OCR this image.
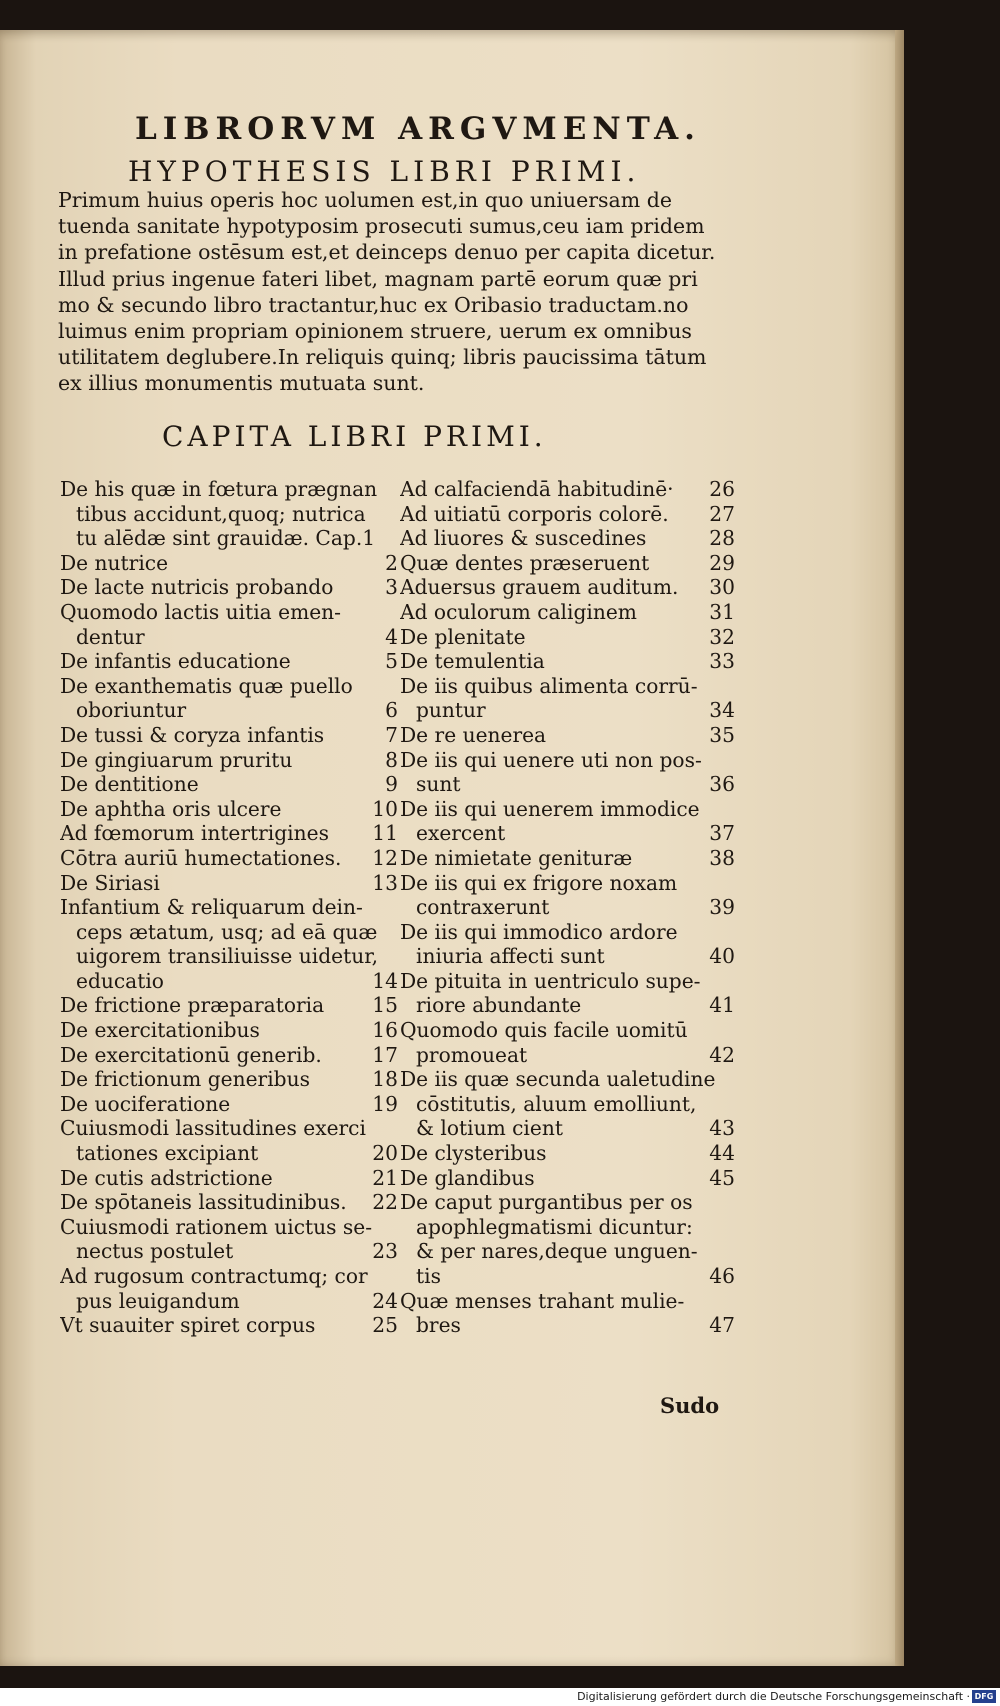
LIBRORVM ARGVMENTA.
HYPOTHESIS LIBRI PRIMI.
Primum huius operis hoc uolumen est,in quo uniuersam de
tuenda sanitate hypotyposim prosecuti sumus,ceu iam pridem
in prefatione ostēsum est,et deinceps denuo per capita dicetur.
Illud prius ingenue fateri libet, magnam partē eorum quæ pri
mo & secundo libro tractantur,huc ex Oribasio traductam.no
luimus enim propriam opinionem struere, uerum ex omnibus
utilitatem deglubere.In reliquis quinq; libris paucissima tātum
ex illius monumentis mutuata sunt.
CAPITA LIBRI PRIMI.
De his quæ in fœtura prægnan
tibus accidunt,quoq; nutrica
tu alēdæ sint grauidæ. Cap.1
De nutrice	2
De lacte nutricis probando	3
Quomodo lactis uitia emen-
dentur	4
De infantis educatione	5
De exanthematis quæ puello
oboriuntur	6
De tussi & coryza infantis	7
De gingiuarum pruritu	8
De dentitione	9
De aphtha oris ulcere	10
Ad fœmorum intertrigines	11
Cōtra auriū humectationes.	12
De Siriasi	13
Infantium & reliquarum dein-
ceps ætatum, usq; ad eā quæ
uigorem transiliuisse uidetur,
educatio	14
De frictione præparatoria	15
De exercitationibus	16
De exercitationū generib.	17
De frictionum generibus	18
De uociferatione	19
Cuiusmodi lassitudines exerci
tationes excipiant	20
De cutis adstrictione	21
De spōtaneis lassitudinibus.	22
Cuiusmodi rationem uictus se-
nectus postulet	23
Ad rugosum contractumq; cor
pus leuigandum	24
Vt suauiter spiret corpus	25
Ad calfaciendā habitudinē·	26
Ad uitiatū corporis colorē.	27
Ad liuores & suscedines	28
Quæ dentes præseruent	29
Aduersus grauem auditum.	30
Ad oculorum caliginem	31
De plenitate	32
De temulentia	33
De iis quibus alimenta corrū-
puntur	34
De re uenerea	35
De iis qui uenere uti non pos-
sunt	36
De iis qui uenerem immodice
exercent	37
De nimietate genituræ	38
De iis qui ex frigore noxam
contraxerunt	39
De iis qui immodico ardore
iniuria affecti sunt	40
De pituita in uentriculo supe-
riore abundante	41
Quomodo quis facile uomitū
promoueat	42
De iis quæ secunda ualetudine
cōstitutis, aluum emolliunt,
& lotium cient	43
De clysteribus	44
De glandibus	45
De caput purgantibus per os
apophlegmatismi dicuntur:
& per nares,deque unguen-
tis	46
Quæ menses trahant mulie-
bres	47
Sudo
Digitalisierung gefördert durch die Deutsche Forschungsgemeinschaft · DFG
